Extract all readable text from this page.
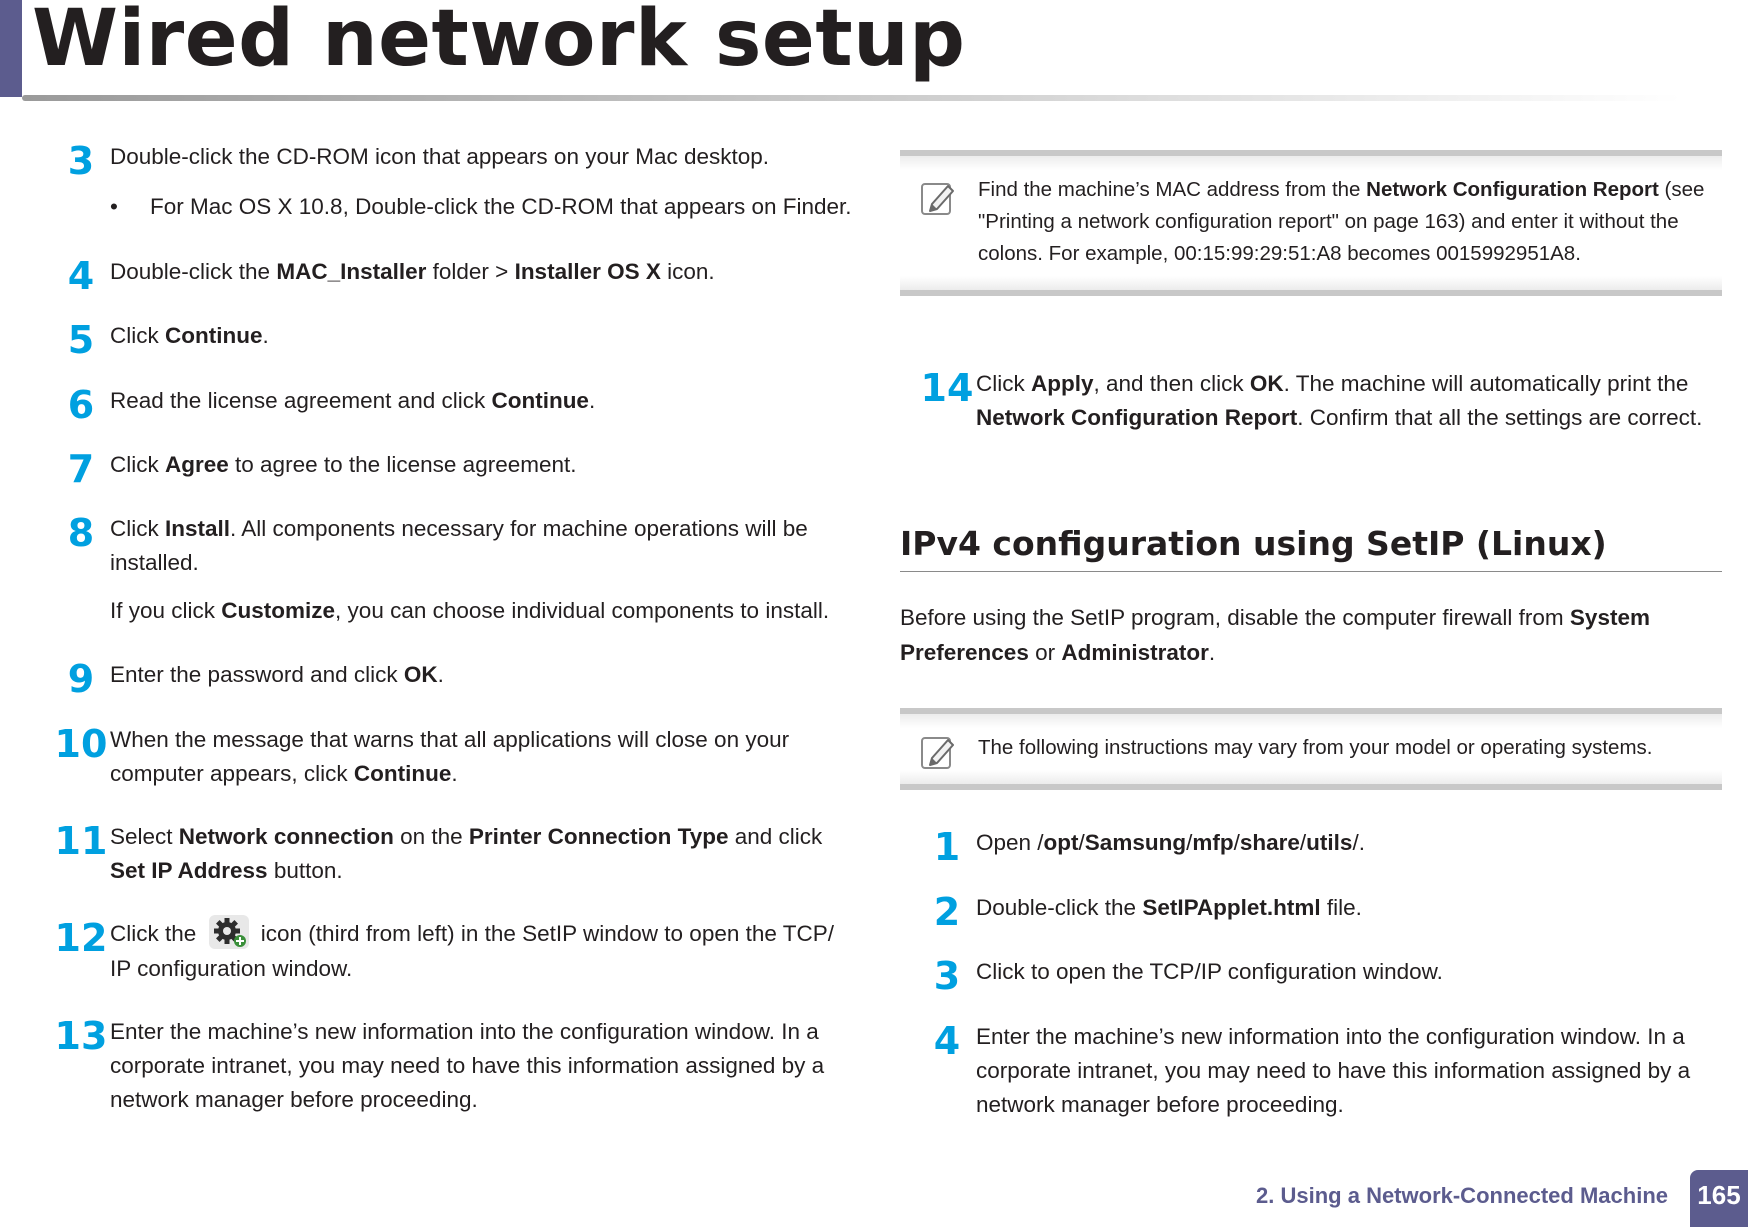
Wired network setup
3 Double-click the CD-ROM icon that appears on your Mac desktop.
• For Mac OS X 10.8, Double-click the CD-ROM that appears on Finder.
4 Double-click the MAC_Installer folder > Installer OS X icon.
5 Click Continue.
6 Read the license agreement and click Continue.
7 Click Agree to agree to the license agreement.
8 Click Install. All components necessary for machine operations will be installed.
If you click Customize, you can choose individual components to install.
9 Enter the password and click OK.
10 When the message that warns that all applications will close on your computer appears, click Continue.
11 Select Network connection on the Printer Connection Type and click Set IP Address button.
12 Click the  icon (third from left) in the SetIP window to open the TCP/ IP configuration window.
13 Enter the machine’s new information into the configuration window. In a corporate intranet, you may need to have this information assigned by a network manager before proceeding.
Find the machine’s MAC address from the Network Configuration Report (see "Printing a network configuration report" on page 163) and enter it without the colons. For example, 00:15:99:29:51:A8 becomes 0015992951A8.
14 Click Apply, and then click OK. The machine will automatically print the Network Configuration Report. Confirm that all the settings are correct.
IPv4 configuration using SetIP (Linux)
Before using the SetIP program, disable the computer firewall from System Preferences or Administrator.
The following instructions may vary from your model or operating systems.
1 Open /opt/Samsung/mfp/share/utils/.
2 Double-click the SetIPApplet.html file.
3 Click to open the TCP/IP configuration window.
4 Enter the machine’s new information into the configuration window. In a corporate intranet, you may need to have this information assigned by a network manager before proceeding.
2. Using a Network-Connected Machine 165
